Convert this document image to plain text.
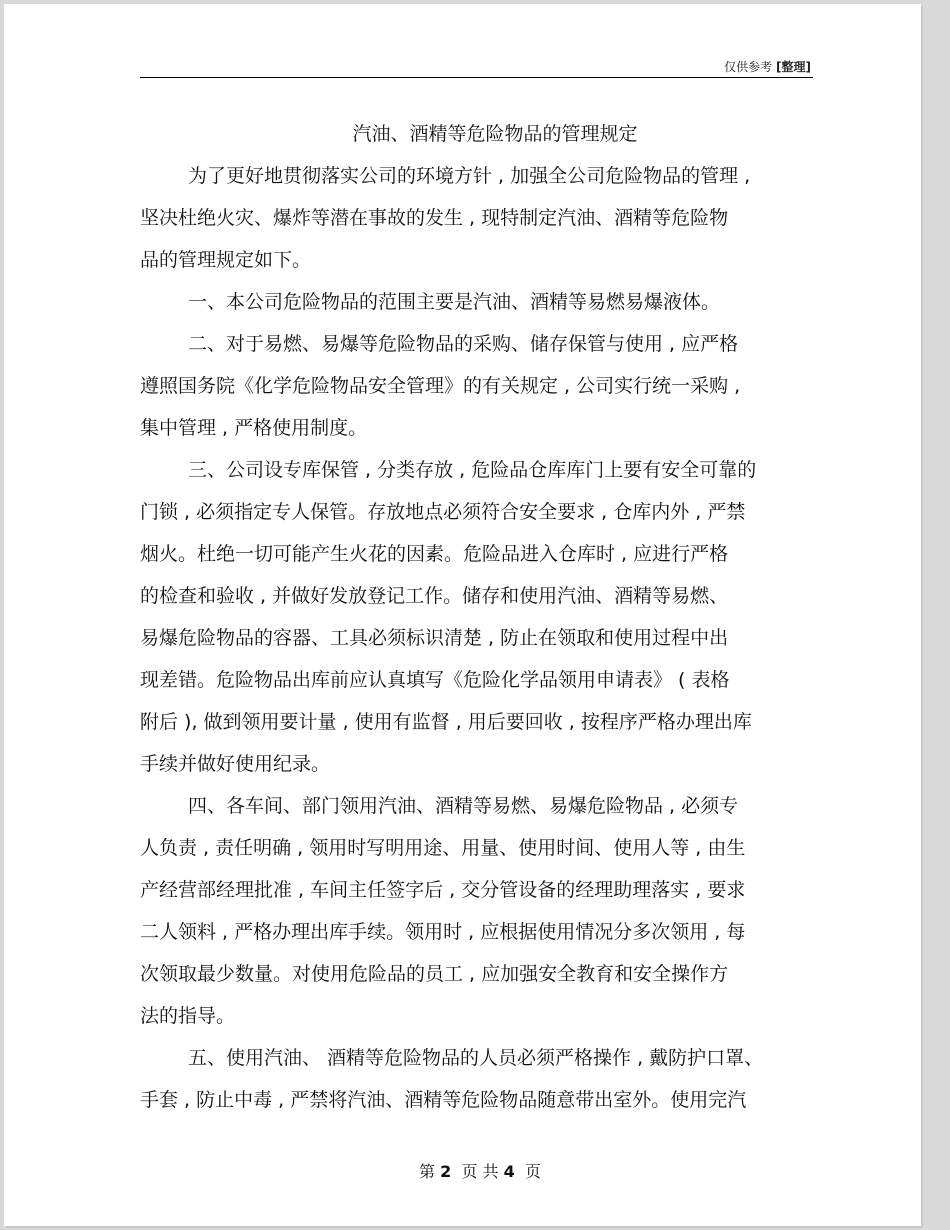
仅供参考 [整理]
汽油、酒精等危险物品的管理规定
为了更好地贯彻落实公司的环境方针 , 加强全公司危险物品的管理 ,
坚决杜绝火灾、爆炸等潜在事故的发生 , 现特制定汽油、酒精等危险物
品的管理规定如下。
一、本公司危险物品的范围主要是汽油、酒精等易燃易爆液体。
二、对于易燃、易爆等危险物品的采购、储存保管与使用 , 应严格
遵照国务院《化学危险物品安全管理》的有关规定 , 公司实行统一采购 ,
集中管理 , 严格使用制度。
三、公司设专库保管 , 分类存放 , 危险品仓库库门上要有安全可靠的
门锁 , 必须指定专人保管。存放地点必须符合安全要求 , 仓库内外 , 严禁
烟火。杜绝一切可能产生火花的因素。危险品进入仓库时 , 应进行严格
的检查和验收 , 并做好发放登记工作。储存和使用汽油、酒精等易燃、
易爆危险物品的容器、工具必须标识清楚 , 防止在领取和使用过程中出
现差错。危险物品出库前应认真填写《危险化学品领用申请表》 ( 表格
附后 ), 做到领用要计量 , 使用有监督 , 用后要回收 , 按程序严格办理出库
手续并做好使用纪录。
四、各车间、部门领用汽油、酒精等易燃、易爆危险物品 , 必须专
人负责 , 责任明确 , 领用时写明用途、用量、使用时间、使用人等 , 由生
产经营部经理批准 , 车间主任签字后 , 交分管设备的经理助理落实 , 要求
二人领料 , 严格办理出库手续。领用时 , 应根据使用情况分多次领用 , 每
次领取最少数量。对使用危险品的员工 , 应加强安全教育和安全操作方
法的指导。
五、使用汽油、 酒精等危险物品的人员必须严格操作 , 戴防护口罩、
手套 , 防止中毒 , 严禁将汽油、酒精等危险物品随意带出室外。使用完汽
第 2 页 共 4 页
